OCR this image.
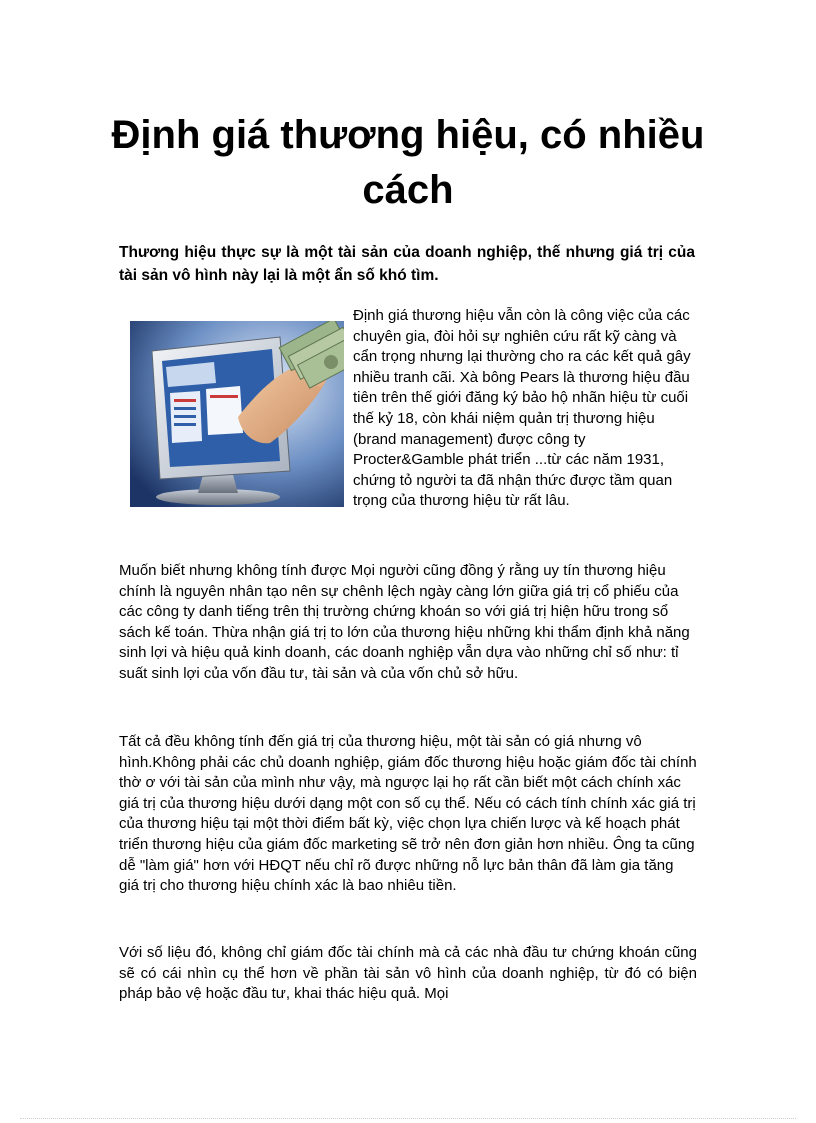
Định giá thương hiệu, có nhiều cách

Thương hiệu thực sự là một tài sản của doanh nghiệp, thế nhưng giá trị của tài sản vô hình này lại là một ẩn số khó tìm.

Định giá thương hiệu vẫn còn là công việc của các chuyên gia, đòi hỏi sự nghiên cứu rất kỹ càng và cẩn trọng nhưng lại thường cho ra các kết quả gây nhiều tranh cãi. Xà bông Pears là thương hiệu đầu tiên trên thế giới đăng ký bảo hộ nhãn hiệu từ cuối thế kỷ 18, còn khái niệm quản trị thương hiệu (brand management) được công ty Procter&Gamble phát triển ...từ các năm 1931, chứng tỏ người ta đã nhận thức được tầm quan trọng của thương hiệu từ rất lâu.

Muốn biết nhưng không tính được Mọi người cũng đồng ý rằng uy tín thương hiệu chính là nguyên nhân tạo nên sự chênh lệch ngày càng lớn giữa giá trị cổ phiếu của các công ty danh tiếng trên thị trường chứng khoán so với giá trị hiện hữu trong sổ sách kế toán. Thừa nhận giá trị to lớn của thương hiệu những khi thẩm định khả năng sinh lợi và hiệu quả kinh doanh, các doanh nghiệp vẫn dựa vào những chỉ số như: tỉ suất sinh lợi của vốn đầu tư, tài sản và của vốn chủ sở hữu.

Tất cả đều không tính đến giá trị của thương hiệu, một tài sản có giá nhưng vô hình.Không phải các chủ doanh nghiệp, giám đốc thương hiệu hoặc giám đốc tài chính thờ ơ với tài sản của mình như vậy, mà ngược lại họ rất cần biết một cách chính xác giá trị của thương hiệu dưới dạng một con số cụ thể. Nếu có cách tính chính xác giá trị của thương hiệu tại một thời điểm bất kỳ, việc chọn lựa chiến lược và kế hoạch phát triển thương hiệu của giám đốc marketing sẽ trở nên đơn giản hơn nhiều. Ông ta cũng dễ "làm giá" hơn với HĐQT nếu chỉ rõ được những nỗ lực bản thân đã làm gia tăng giá trị cho thương hiệu chính xác là bao nhiêu tiền.

Với số liệu đó, không chỉ giám đốc tài chính mà cả các nhà đầu tư chứng khoán cũng sẽ có cái nhìn cụ thể hơn về phần tài sản vô hình của doanh nghiệp, từ đó có biện pháp bảo vệ hoặc đầu tư, khai thác hiệu quả. Mọi
